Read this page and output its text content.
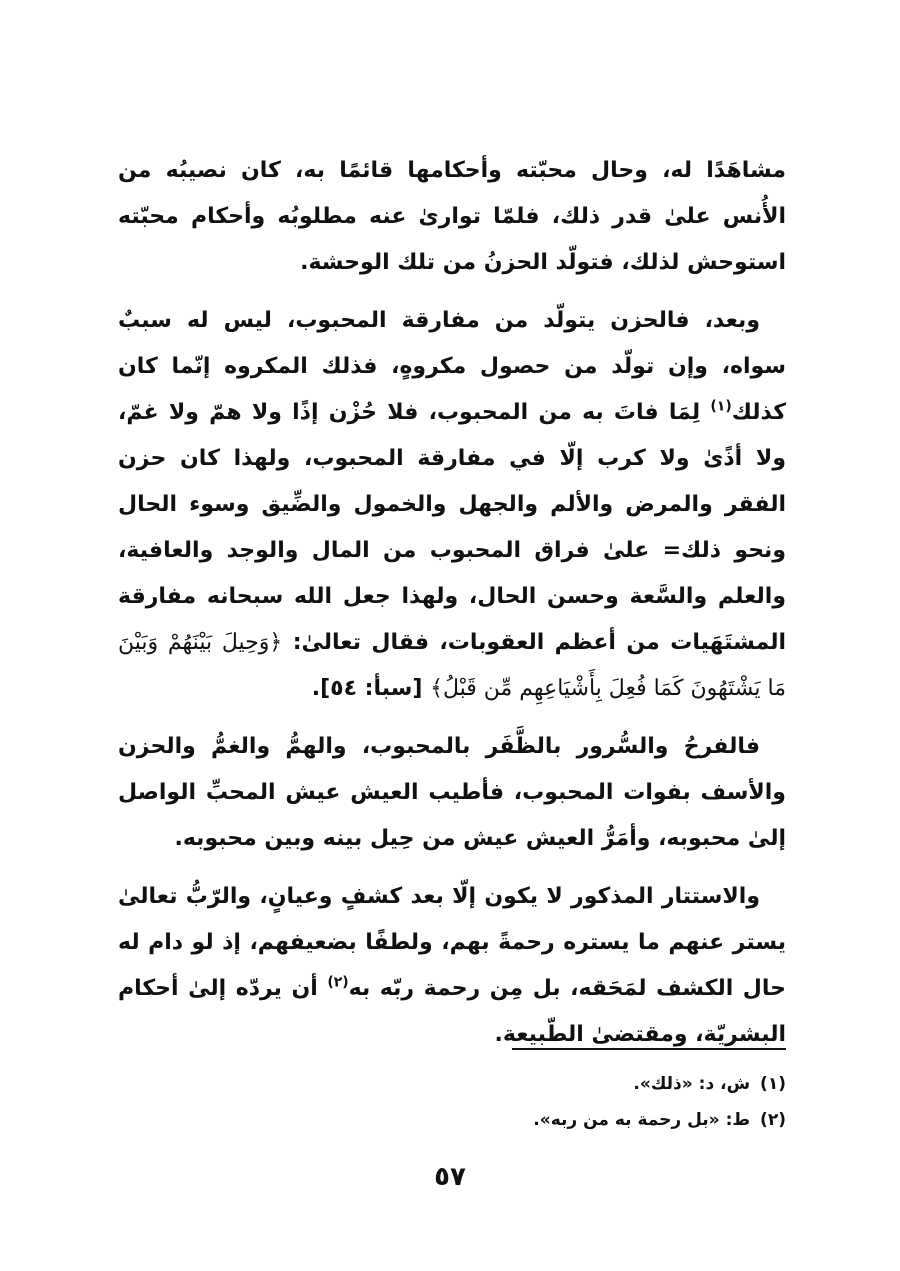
مشاهَدًا له، وحال محبّته وأحكامها قائمًا به، كان نصيبُه من الأُنس علىٰ قدر ذلك، فلمّا تواریٰ عنه مطلوبُه وأحكام محبّته استوحش لذلك، فتولّد الحزنُ من تلك الوحشة.

وبعد، فالحزن يتولّد من مفارقة المحبوب، ليس له سببٌ سواه، وإن تولّد من حصول مكروهٍ، فذلك المكروه إنّما كان كذلك$^{(١)}$ لِمَا فاتَ به من المحبوب، فلا حُزْن إذًا ولا همّ ولا غمّ، ولا أذًىٰ ولا كرب إلّا في مفارقة المحبوب، ولهذا كان حزن الفقر والمرض والألم والجهل والخمول والضِّيق وسوء الحال ونحو ذلك= علىٰ فراق المحبوب من المال والوجد والعافية، والعلم والسَّعة وحسن الحال، ولهذا جعل الله سبحانه مفارقة المشتَهَيات من أعظم العقوبات، فقال تعالىٰ: ﴿وَحِيلَ بَيْنَهُمْ وَبَيْنَ مَا يَشْتَهُونَ كَمَا فُعِلَ بِأَشْيَاعِهِم مِّن قَبْلُ﴾ [سبأ: ٥٤].

فالفرحُ والسُّرور بالظَّفَر بالمحبوب، والهمُّ والغمُّ والحزن والأسف بفوات المحبوب، فأطيب العيش عيش المحبِّ الواصل إلىٰ محبوبه، وأمَرُّ العيش عيش من حِيل بينه وبين محبوبه.

والاستتار المذكور لا يكون إلّا بعد كشفٍ وعيانٍ، والرّبُّ تعالىٰ يستر عنهم ما يستره رحمةً بهم، ولطفًا بضعيفهم، إذ لو دام له حال الكشف لمَحَقه، بل مِن رحمة ربّه به$^{(٢)}$ أن يردّه إلىٰ أحكام البشريّة، ومقتضىٰ الطّبيعة.

(١)ش، د: «ذلك».
(٢)ط: «بل رحمة به من ربه».
٥٧
